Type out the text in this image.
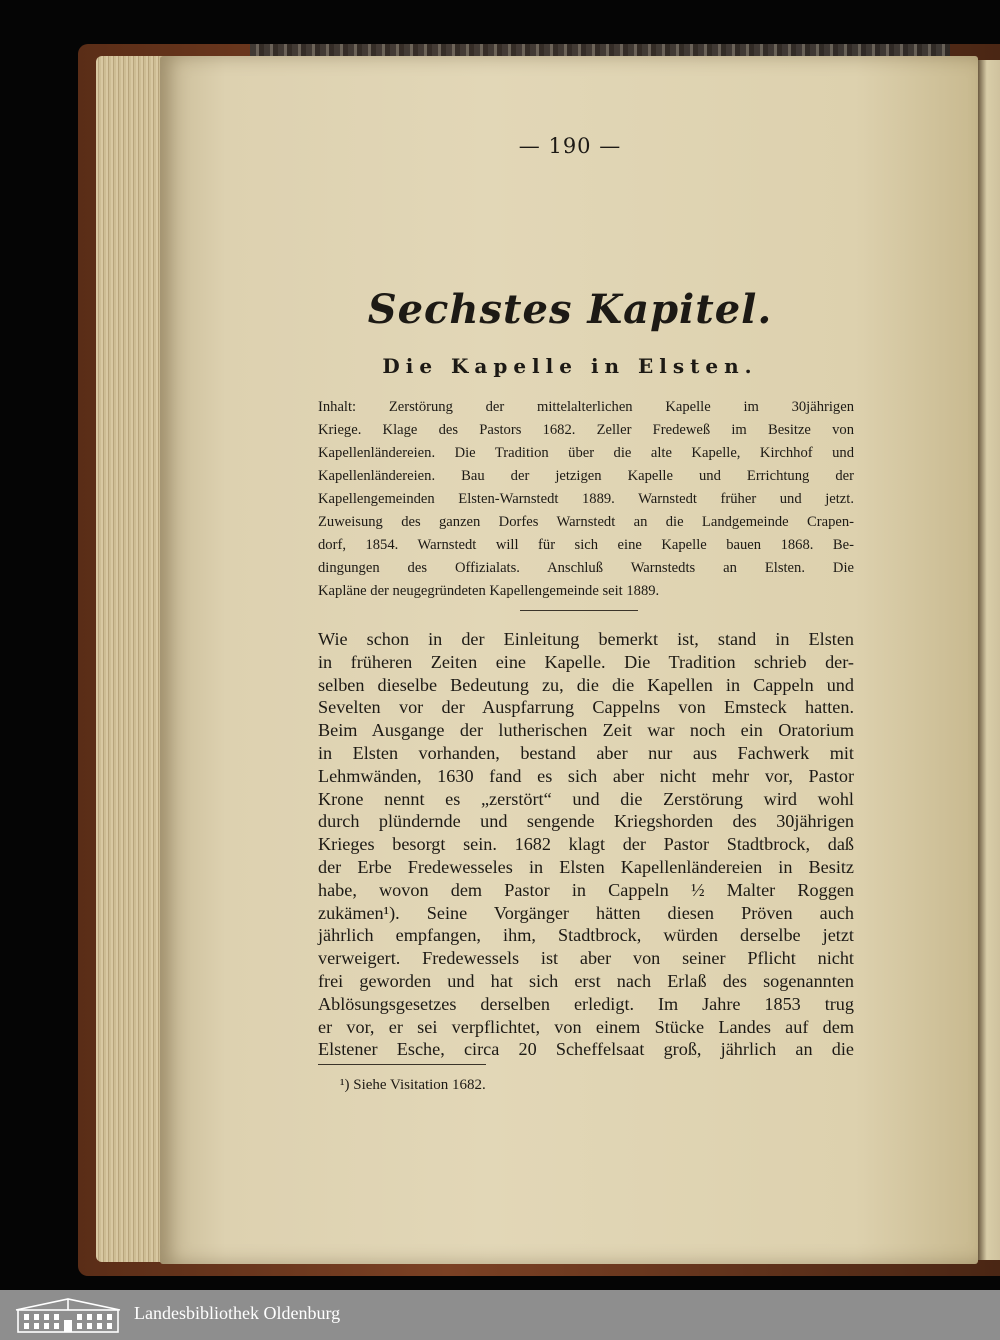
— 190 —
Sechstes Kapitel.
Die Kapelle in Elsten.
Inhalt: Zerstörung der mittelalterlichen Kapelle im 30jährigen
Kriege. Klage des Pastors 1682. Zeller Fredeweß im Besitze von
Kapellenländereien. Die Tradition über die alte Kapelle, Kirchhof und
Kapellenländereien. Bau der jetzigen Kapelle und Errichtung der
Kapellengemeinden Elsten-Warnstedt 1889. Warnstedt früher und jetzt.
Zuweisung des ganzen Dorfes Warnstedt an die Landgemeinde Crapen-
dorf, 1854. Warnstedt will für sich eine Kapelle bauen 1868. Be-
dingungen des Offizialats. Anschluß Warnstedts an Elsten. Die
Kapläne der neugegründeten Kapellengemeinde seit 1889.
Wie schon in der Einleitung bemerkt ist, stand in Elsten
in früheren Zeiten eine Kapelle. Die Tradition schrieb der-
selben dieselbe Bedeutung zu, die die Kapellen in Cappeln und
Sevelten vor der Auspfarrung Cappelns von Emsteck hatten.
Beim Ausgange der lutherischen Zeit war noch ein Oratorium
in Elsten vorhanden, bestand aber nur aus Fachwerk mit
Lehmwänden, 1630 fand es sich aber nicht mehr vor, Pastor
Krone nennt es „zerstört“ und die Zerstörung wird wohl
durch plündernde und sengende Kriegshorden des 30jährigen
Krieges besorgt sein. 1682 klagt der Pastor Stadtbrock, daß
der Erbe Fredewesseles in Elsten Kapellenländereien in Besitz
habe, wovon dem Pastor in Cappeln ½ Malter Roggen
zukämen¹). Seine Vorgänger hätten diesen Pröven auch
jährlich empfangen, ihm, Stadtbrock, würden derselbe jetzt
verweigert. Fredewessels ist aber von seiner Pflicht nicht
frei geworden und hat sich erst nach Erlaß des sogenannten
Ablösungsgesetzes derselben erledigt. Im Jahre 1853 trug
er vor, er sei verpflichtet, von einem Stücke Landes auf dem
Elstener Esche, circa 20 Scheffelsaat groß, jährlich an die
¹) Siehe Visitation 1682.
Landesbibliothek Oldenburg
